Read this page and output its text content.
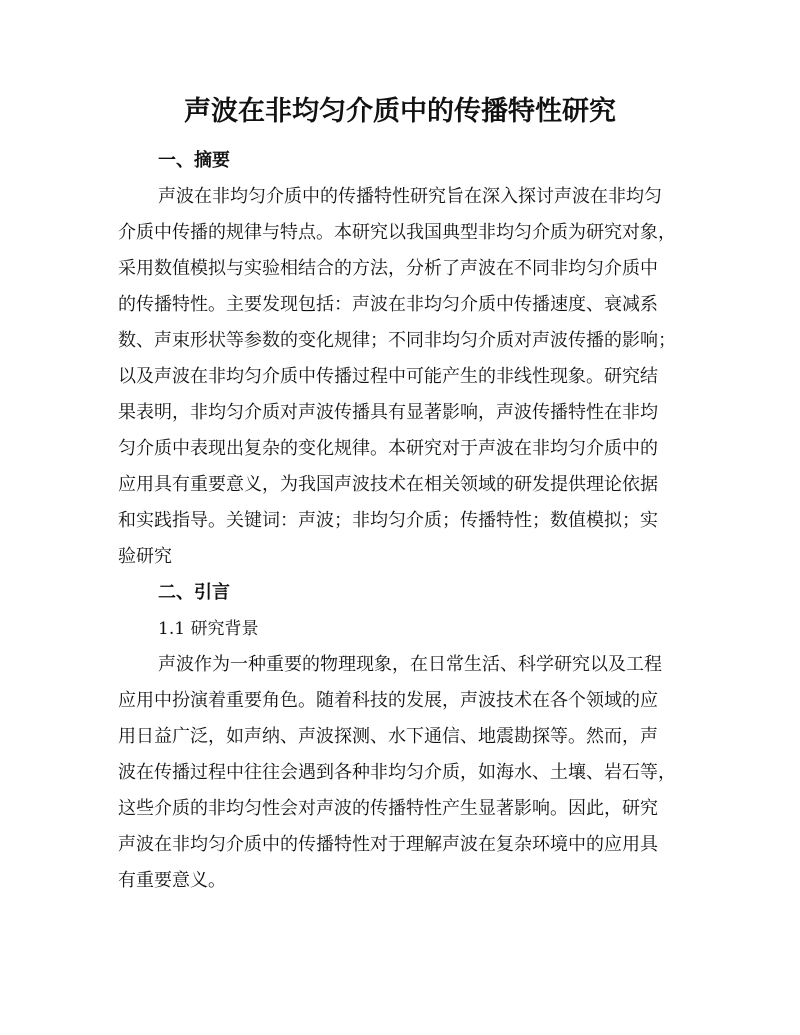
声波在非均匀介质中的传播特性研究
一、摘要
声波在非均匀介质中的传播特性研究旨在深入探讨声波在非均匀
介质中传播的规律与特点。本研究以我国典型非均匀介质为研究对象，
采用数值模拟与实验相结合的方法，分析了声波在不同非均匀介质中
的传播特性。主要发现包括：声波在非均匀介质中传播速度、衰减系
数、声束形状等参数的变化规律；不同非均匀介质对声波传播的影响；
以及声波在非均匀介质中传播过程中可能产生的非线性现象。研究结
果表明，非均匀介质对声波传播具有显著影响，声波传播特性在非均
匀介质中表现出复杂的变化规律。本研究对于声波在非均匀介质中的
应用具有重要意义，为我国声波技术在相关领域的研发提供理论依据
和实践指导。关键词：声波；非均匀介质；传播特性；数值模拟；实
验研究
二、引言
1.1 研究背景
声波作为一种重要的物理现象，在日常生活、科学研究以及工程
应用中扮演着重要角色。随着科技的发展，声波技术在各个领域的应
用日益广泛，如声纳、声波探测、水下通信、地震勘探等。然而，声
波在传播过程中往往会遇到各种非均匀介质，如海水、土壤、岩石等，
这些介质的非均匀性会对声波的传播特性产生显著影响。因此，研究
声波在非均匀介质中的传播特性对于理解声波在复杂环境中的应用具
有重要意义。
